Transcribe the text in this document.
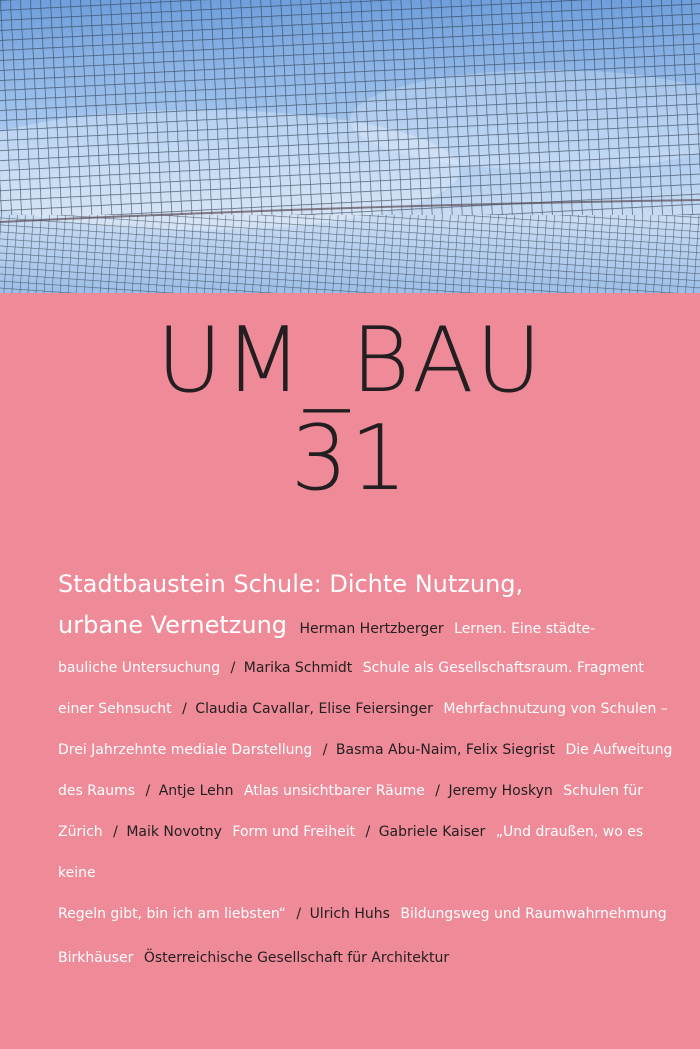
UM_BAU
31
Stadtbaustein Schule: Dichte Nutzung,
urbane Vernetzung Herman Hertzberger Lernen. Eine städte-
bauliche Untersuchung / Marika Schmidt Schule als Gesellschaftsraum. Fragment
einer Sehnsucht / Claudia Cavallar, Elise Feiersinger Mehrfachnutzung von Schulen –
Drei Jahrzehnte mediale Darstellung / Basma Abu-Naim, Felix Siegrist Die Aufweitung
des Raums / Antje Lehn Atlas unsichtbarer Räume / Jeremy Hoskyn Schulen für
Zürich / Maik Novotny Form und Freiheit / Gabriele Kaiser „Und draußen, wo es keine
Regeln gibt, bin ich am liebsten“ / Ulrich Huhs Bildungsweg und Raumwahrnehmung
Birkhäuser Österreichische Gesellschaft für Architektur
